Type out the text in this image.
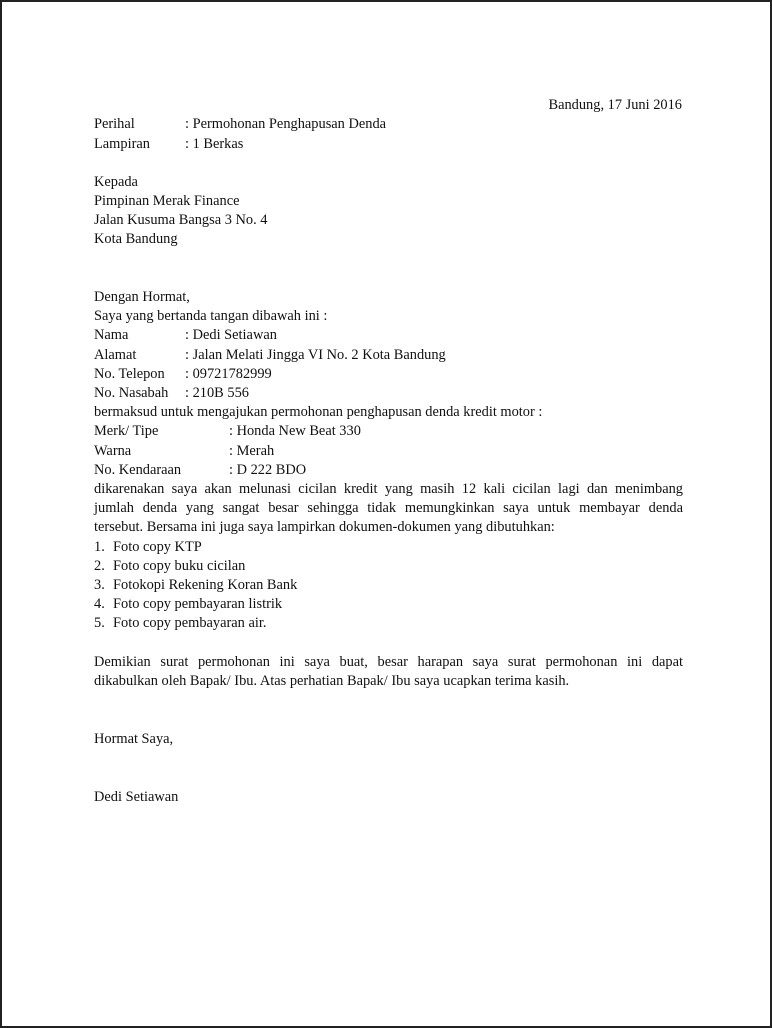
Bandung, 17 Juni 2016
Perihal	: Permohonan Penghapusan Denda
Lampiran : 1 Berkas
Kepada
Pimpinan Merak Finance
Jalan Kusuma Bangsa 3 No. 4
Kota Bandung
Dengan Hormat,
Saya yang bertanda tangan dibawah ini :
Nama	: Dedi Setiawan
Alamat	: Jalan Melati Jingga VI No. 2 Kota Bandung
No. Telepon : 09721782999
No. Nasabah : 210B 556
bermaksud untuk mengajukan permohonan penghapusan denda kredit motor :
Merk/ Tipe	: Honda New Beat 330
Warna	: Merah
No. Kendaraan	: D 222 BDO
dikarenakan saya akan melunasi cicilan kredit yang masih 12 kali cicilan lagi dan menimbang
jumlah denda yang sangat besar sehingga tidak memungkinkan saya untuk membayar denda
tersebut. Bersama ini juga saya lampirkan dokumen-dokumen yang dibutuhkan:
1. Foto copy KTP
2. Foto copy buku cicilan
3. Fotokopi Rekening Koran Bank
4. Foto copy pembayaran listrik
5. Foto copy pembayaran air.
Demikian surat permohonan ini saya buat, besar harapan saya surat permohonan ini dapat
dikabulkan oleh Bapak/ Ibu. Atas perhatian Bapak/ Ibu saya ucapkan terima kasih.
Hormat Saya,
Dedi Setiawan
